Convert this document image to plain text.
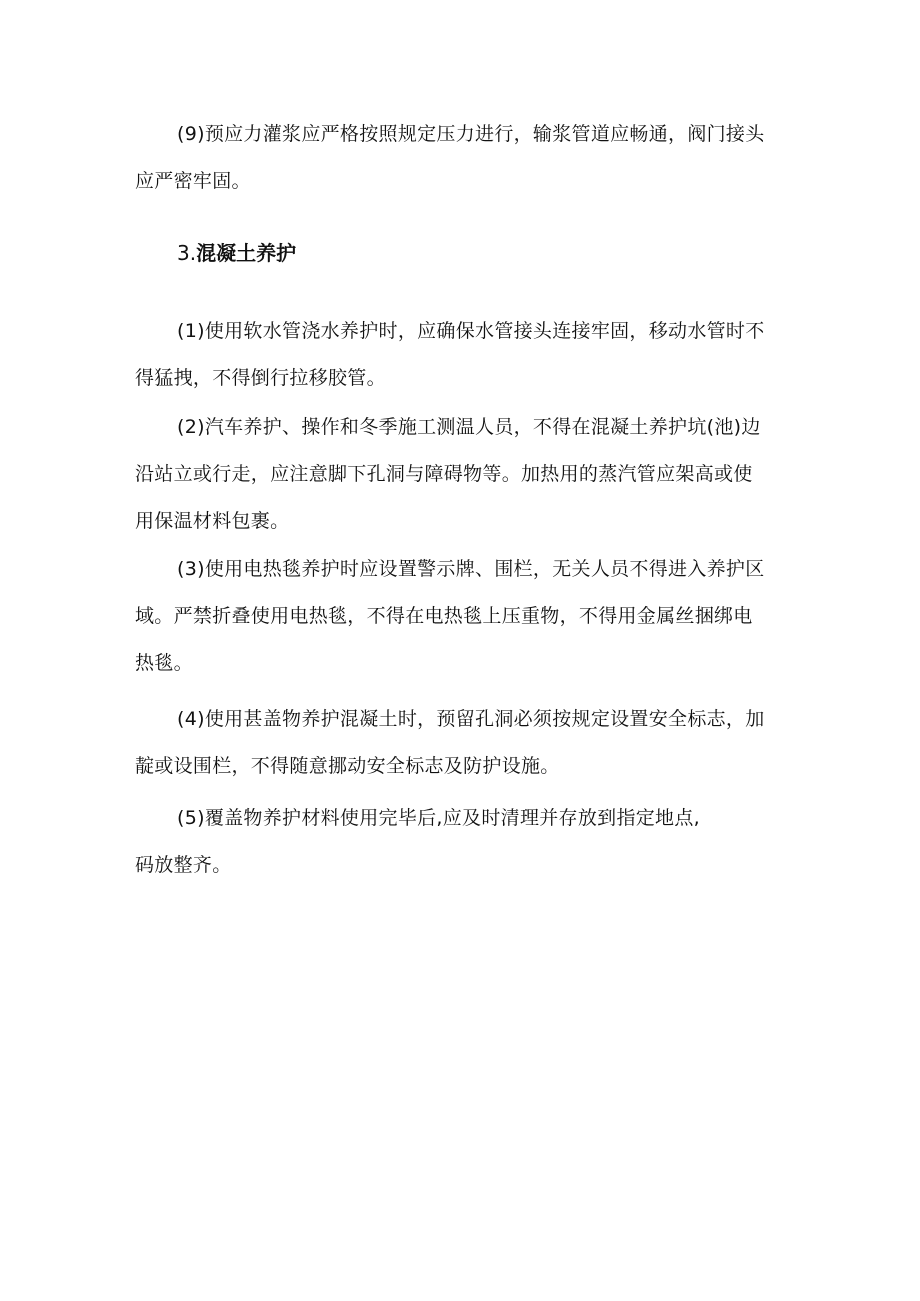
(9)预应力灌浆应严格按照规定压力进行，输浆管道应畅通，阀门接头
应严密牢固。
3.混凝土养护
(1)使用软水管浇水养护时，应确保水管接头连接牢固，移动水管时不
得猛拽，不得倒行拉移胶管。
(2)汽车养护、操作和冬季施工测温人员，不得在混凝土养护坑(池)边
沿站立或行走，应注意脚下孔洞与障碍物等。加热用的蒸汽管应架高或使
用保温材料包裹。
(3)使用电热毯养护时应设置警示牌、围栏，无关人员不得进入养护区
域。严禁折叠使用电热毯，不得在电热毯上压重物，不得用金属丝捆绑电
热毯。
(4)使用甚盖物养护混凝土时，预留孔洞必须按规定设置安全标志，加
靛或设围栏，不得随意挪动安全标志及防护设施。
(5)覆盖物养护材料使用完毕后,应及时清理并存放到指定地点,
码放整齐。
